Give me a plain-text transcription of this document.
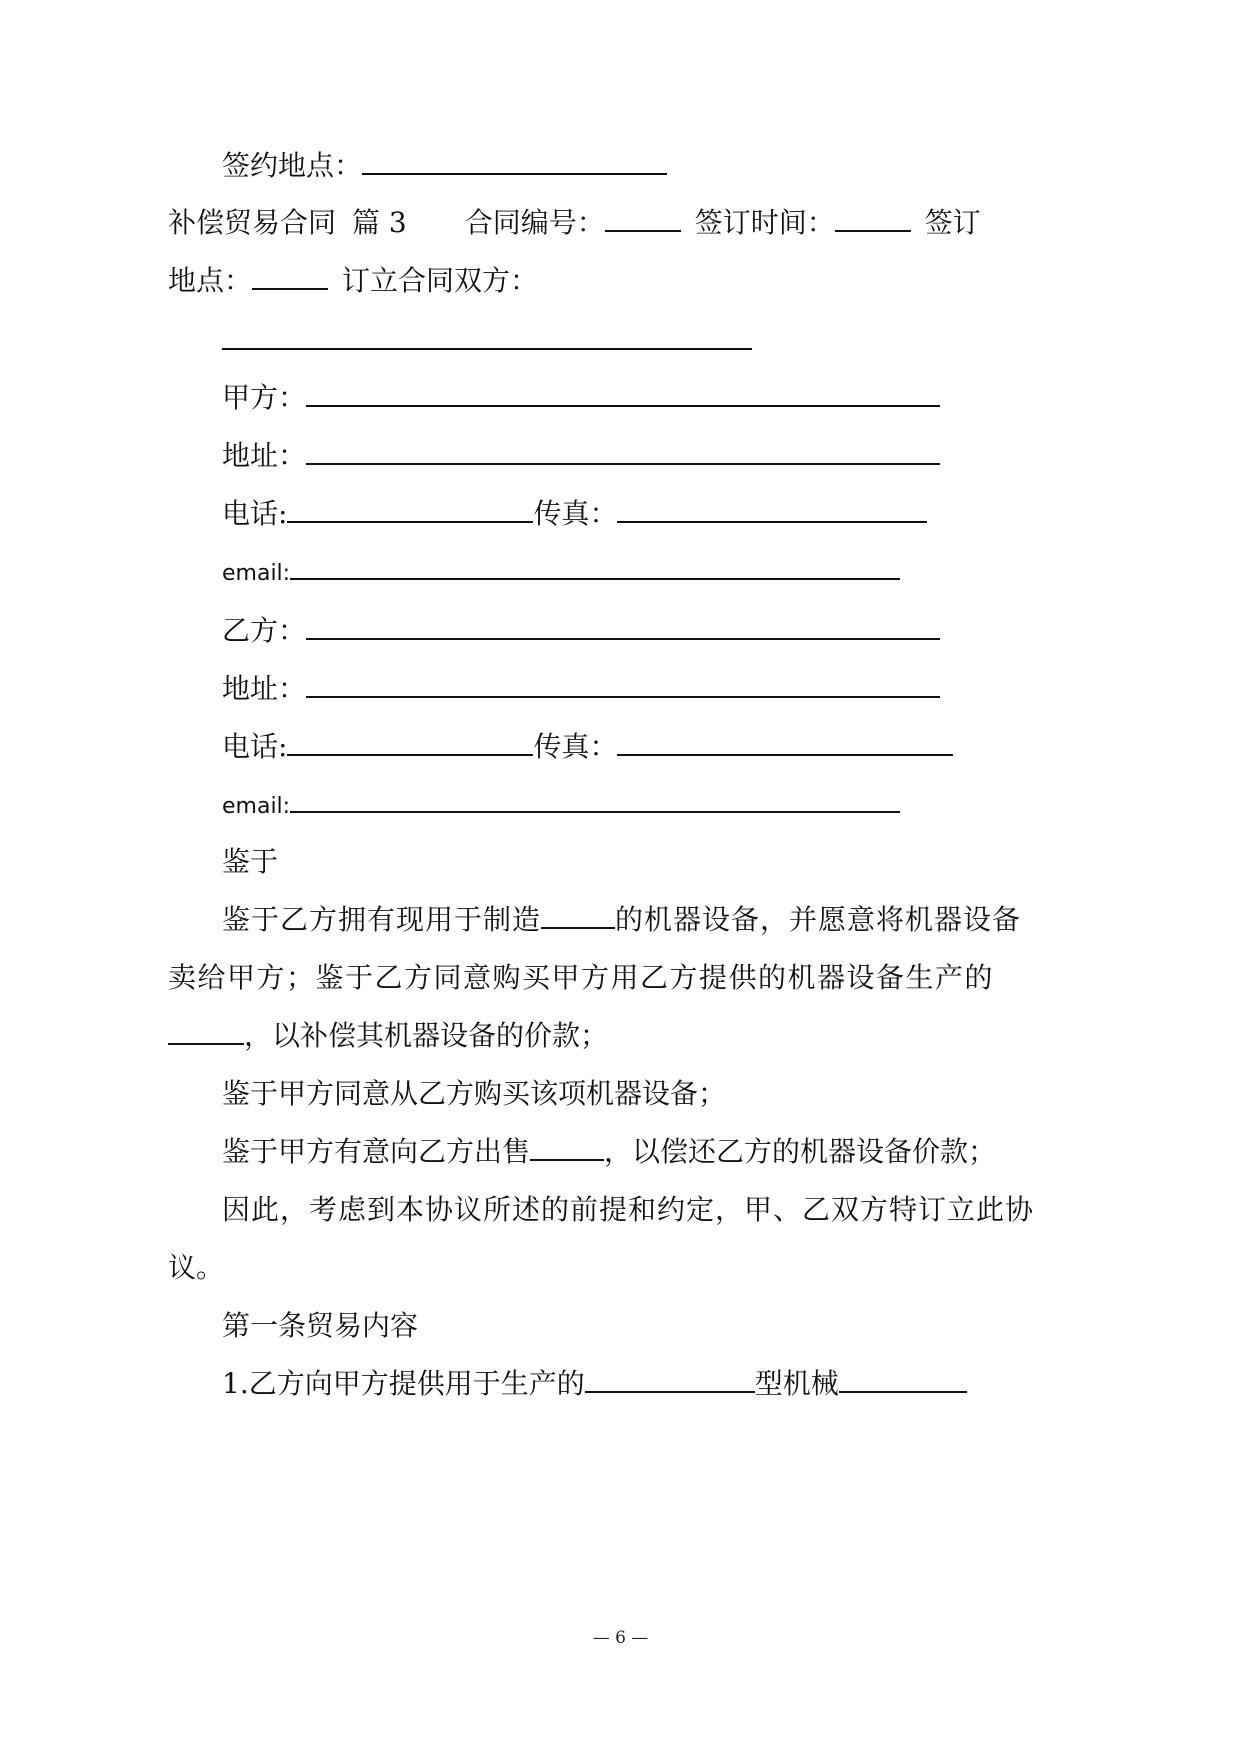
签约地点：
补偿贸易合同 篇 3 合同编号：	签订时间：	签订
地点：	订立合同双方：
甲方：
地址：
电话:	传真：
email:
乙方：
地址：
电话:	传真：
email:
鉴于
鉴于乙方拥有现用于制造	的机器设备，并愿意将机器设备
卖给甲方；鉴于乙方同意购买甲方用乙方提供的机器设备生产的
，以补偿其机器设备的价款；
鉴于甲方同意从乙方购买该项机器设备；
鉴于甲方有意向乙方出售	，以偿还乙方的机器设备价款；
因此，考虑到本协议所述的前提和约定，甲、乙双方特订立此协
议。
第一条贸易内容
1.乙方向甲方提供用于生产的	型机械
— 6 —
